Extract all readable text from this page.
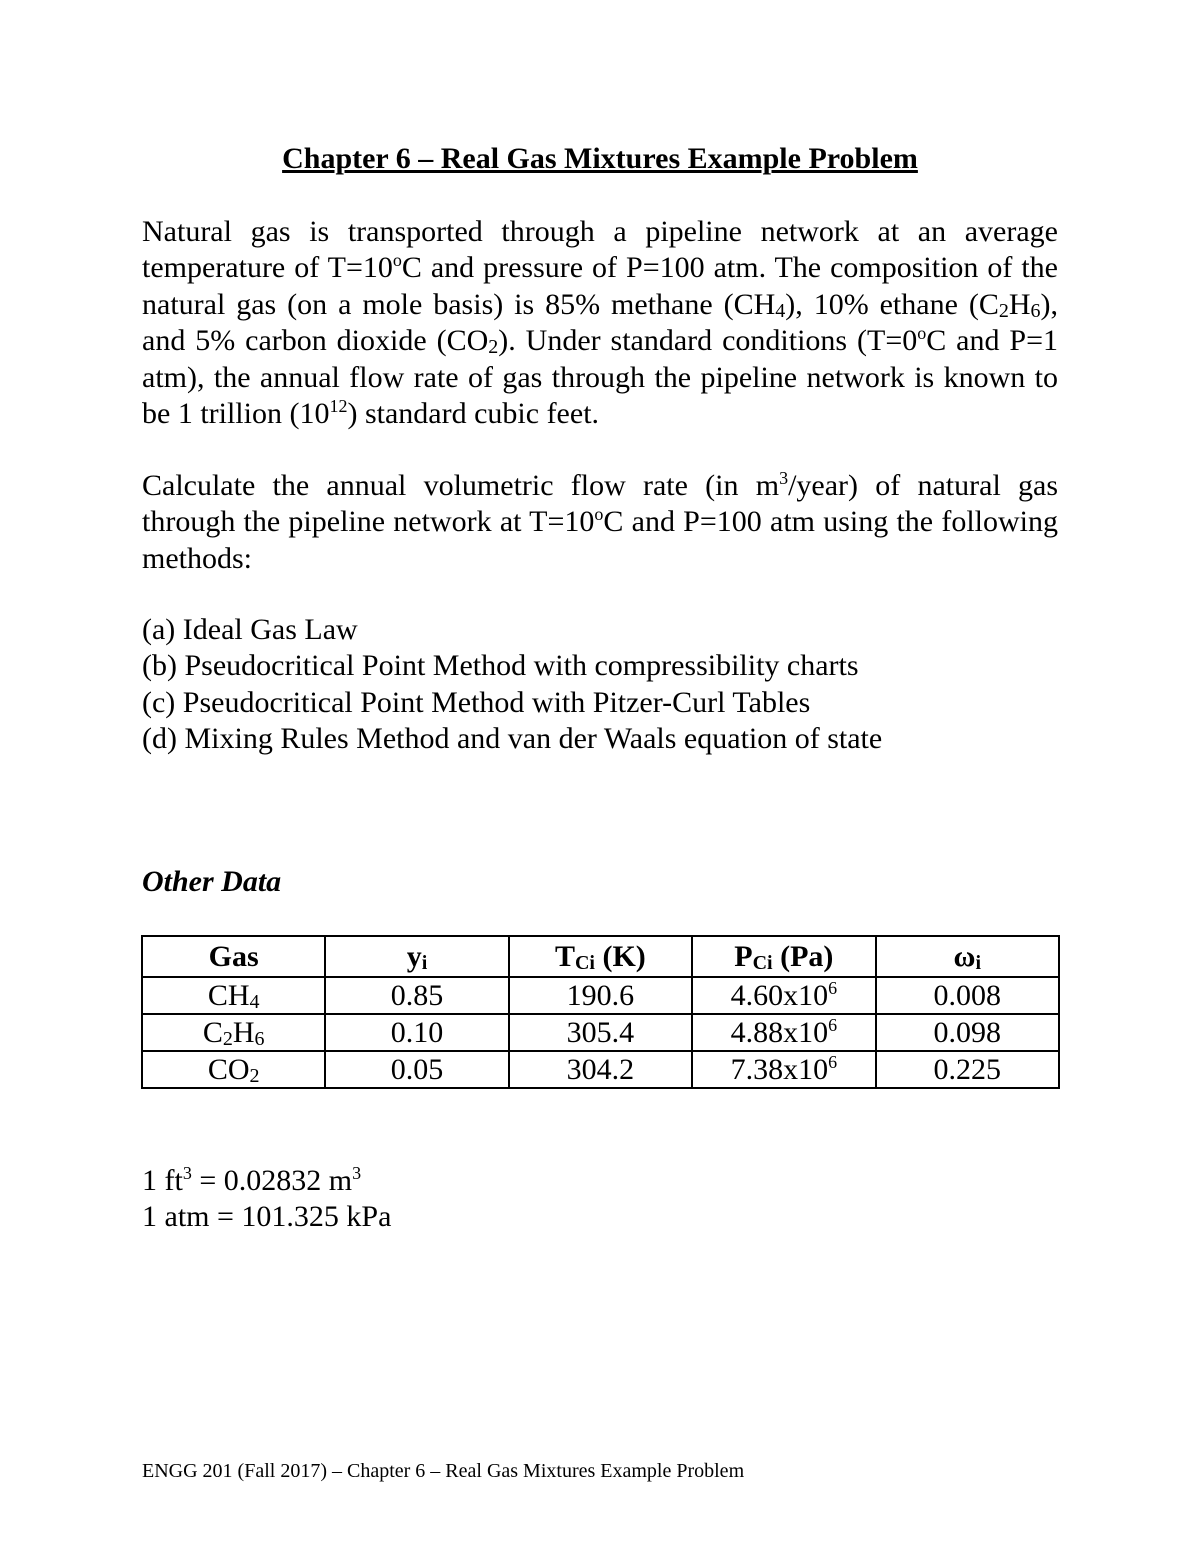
Chapter 6 – Real Gas Mixtures Example Problem
Natural gas is transported through a pipeline network at an average temperature of $T=10^oC$ and pressure of P=100 atm. The composition of the natural gas (on a mole basis) is 85% methane $(CH_4)$, 10% ethane $(C_2H_6)$, and 5% carbon dioxide $(CO_2)$. Under standard conditions ($T=0^oC$ and P=1 atm), the annual flow rate of gas through the pipeline network is known to be 1 trillion $(10^{12})$ standard cubic feet.
Calculate the annual volumetric flow rate (in $m^3/year$) of natural gas through the pipeline network at $T=10^oC$ and P=100 atm using the following methods:
(a) Ideal Gas Law
(b) Pseudocritical Point Method with compressibility charts
(c) Pseudocritical Point Method with Pitzer-Curl Tables
(d) Mixing Rules Method and van der Waals equation of state
Other Data
Gas	$y_i$	$T_{Ci}$ (K)	$P_{Ci}$ (Pa)	$\omega_i$
$CH_4$	0.85	190.6	$4.60x10^6$	0.008
$C_2H_6$	0.10	305.4	$4.88x10^6$	0.098
$CO_2$	0.05	304.2	$7.38x10^6$	0.225
1 $ft^3 = 0.02832$ $m^3$
1 atm = 101.325 kPa
ENGG 201 (Fall 2017) – Chapter 6 – Real Gas Mixtures Example Problem
